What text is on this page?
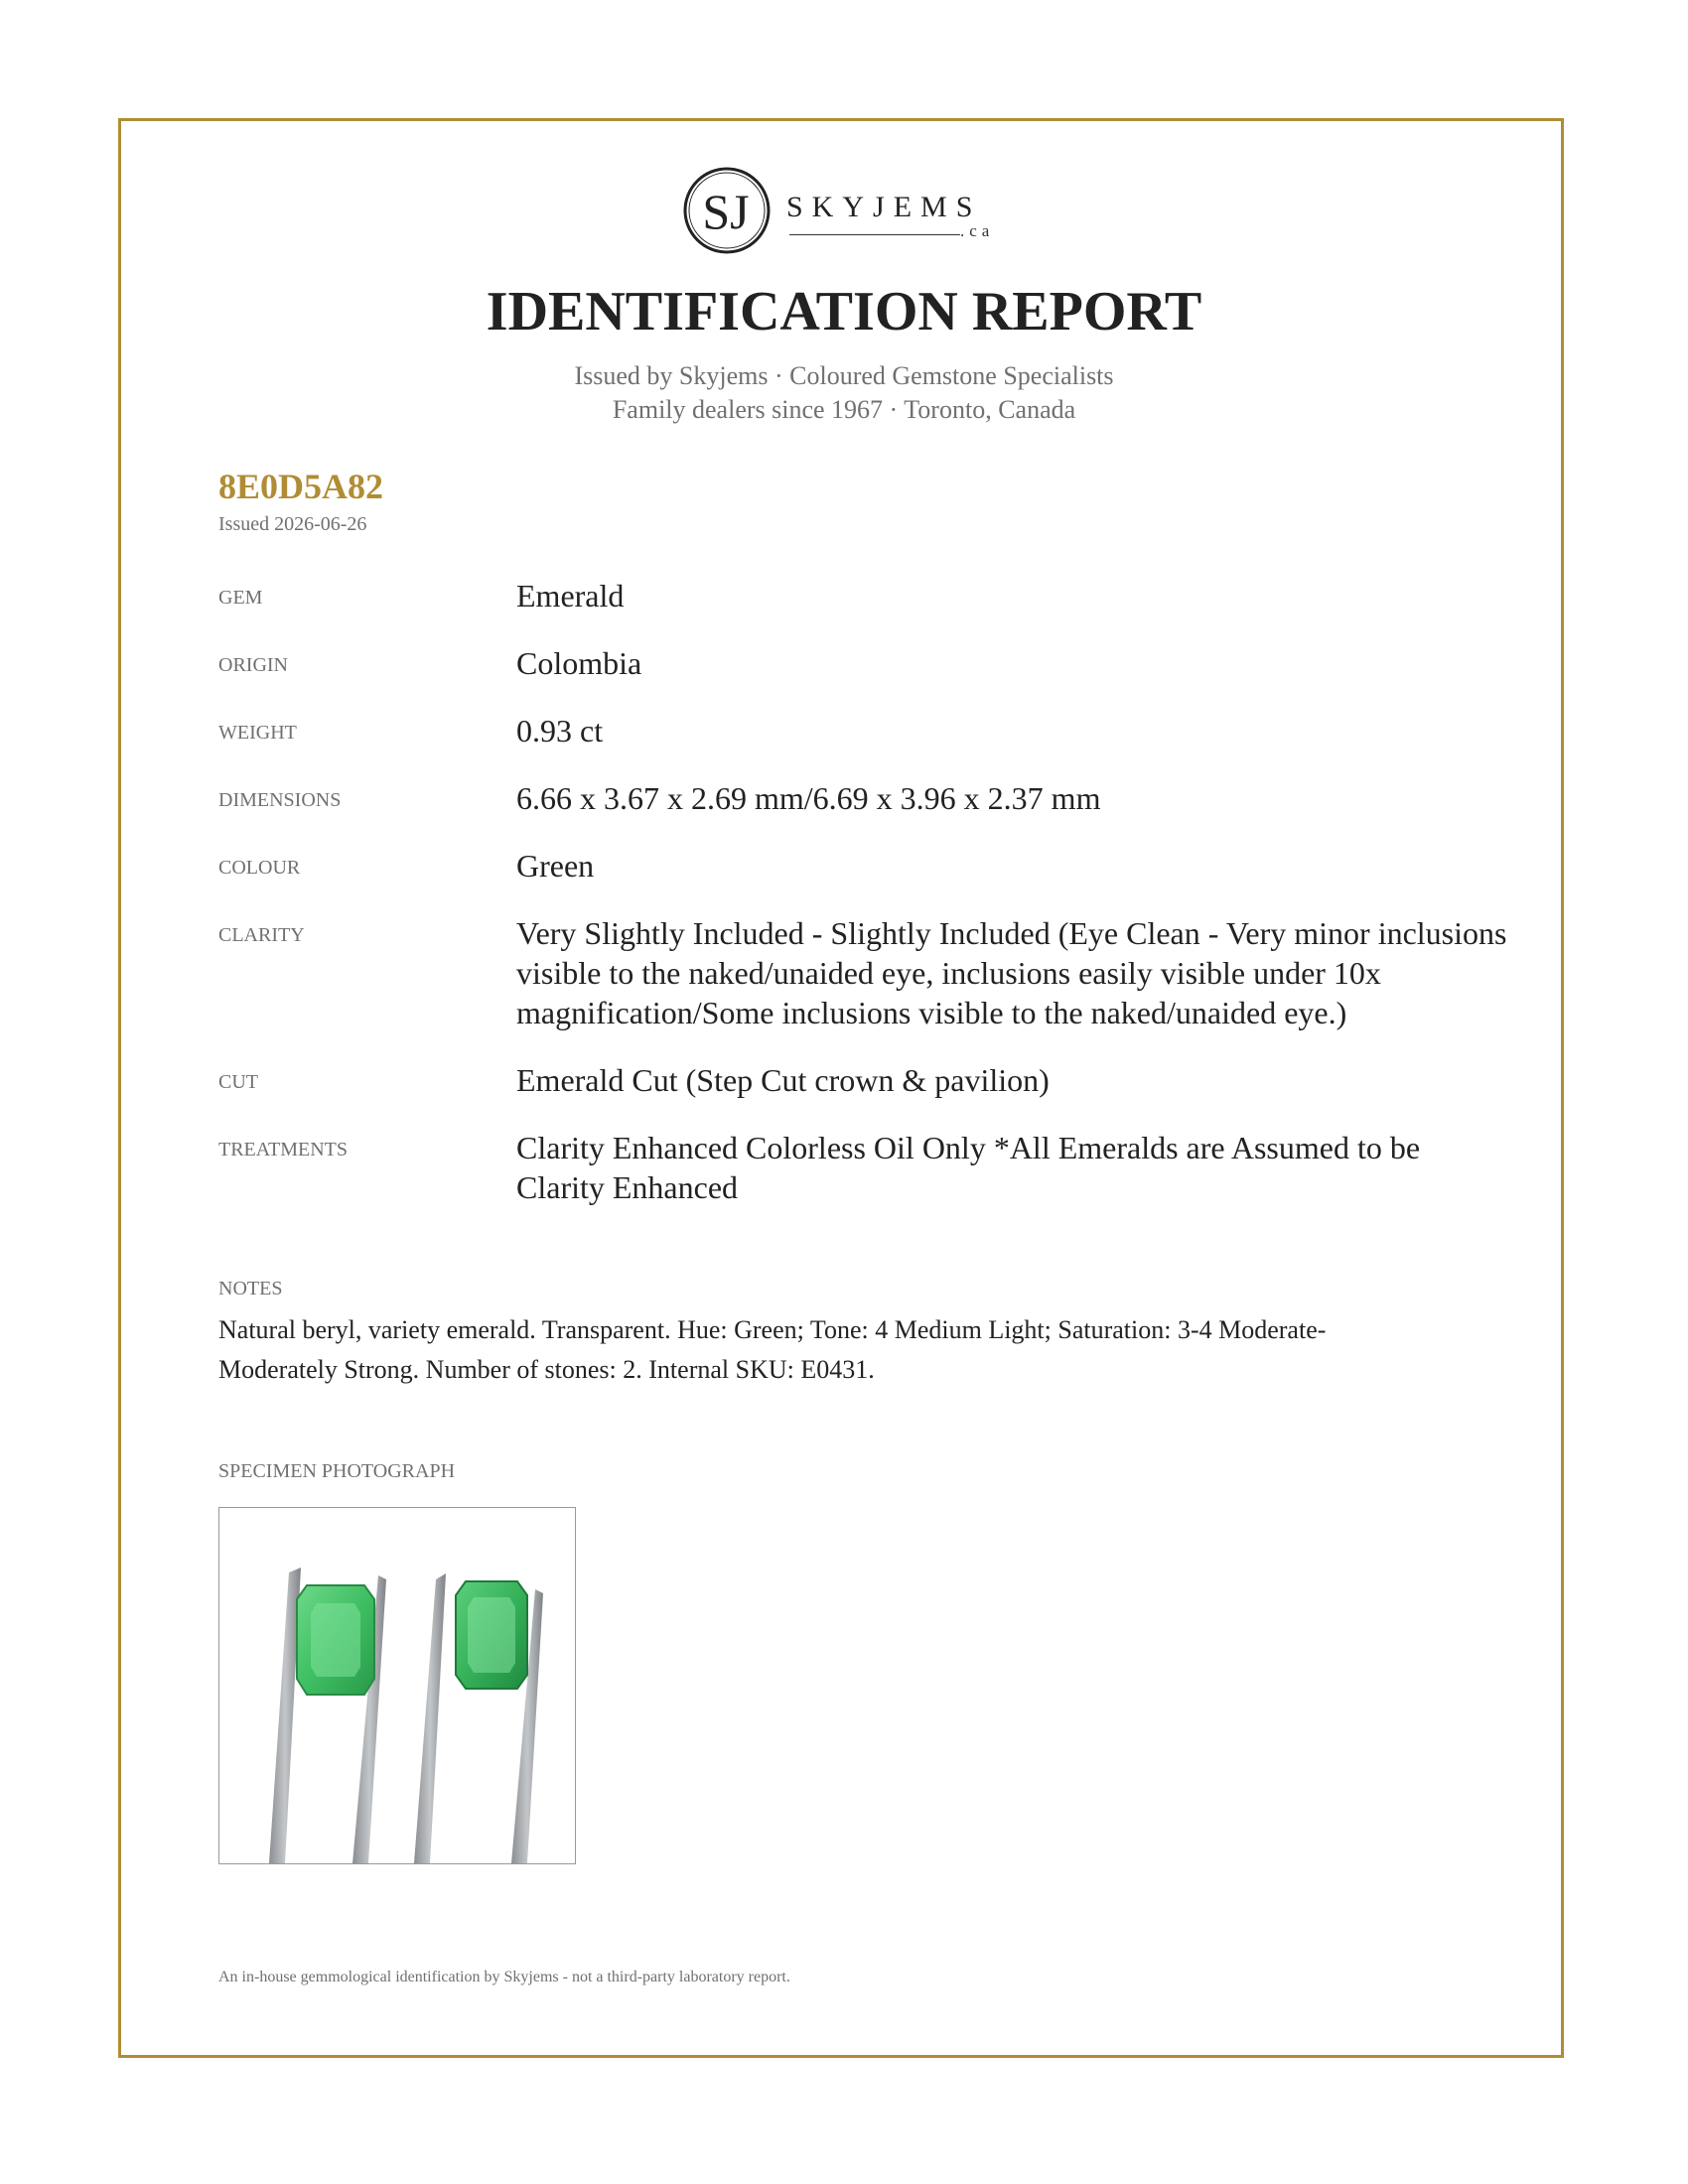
SJ SKYJEMS
.ca
IDENTIFICATION REPORT
Issued by Skyjems · Coloured Gemstone Specialists
Family dealers since 1967 · Toronto, Canada
8E0D5A82
Issued 2026-06-26
GEM	Emerald
ORIGIN	Colombia
WEIGHT	0.93 ct
DIMENSIONS	6.66 x 3.67 x 2.69 mm/6.69 x 3.96 x 2.37 mm
COLOUR	Green
CLARITY	Very Slightly Included - Slightly Included (Eye Clean - Very minor inclusions visible to the naked/unaided eye, inclusions easily visible under 10x magnification/Some inclusions visible to the naked/unaided eye.)
CUT	Emerald Cut (Step Cut crown & pavilion)
TREATMENTS	Clarity Enhanced Colorless Oil Only *All Emeralds are Assumed to be Clarity Enhanced
NOTES
Natural beryl, variety emerald. Transparent. Hue: Green; Tone: 4 Medium Light; Saturation: 3-4 Moderate-Moderately Strong. Number of stones: 2. Internal SKU: E0431.
SPECIMEN PHOTOGRAPH
An in-house gemmological identification by Skyjems - not a third-party laboratory report.
